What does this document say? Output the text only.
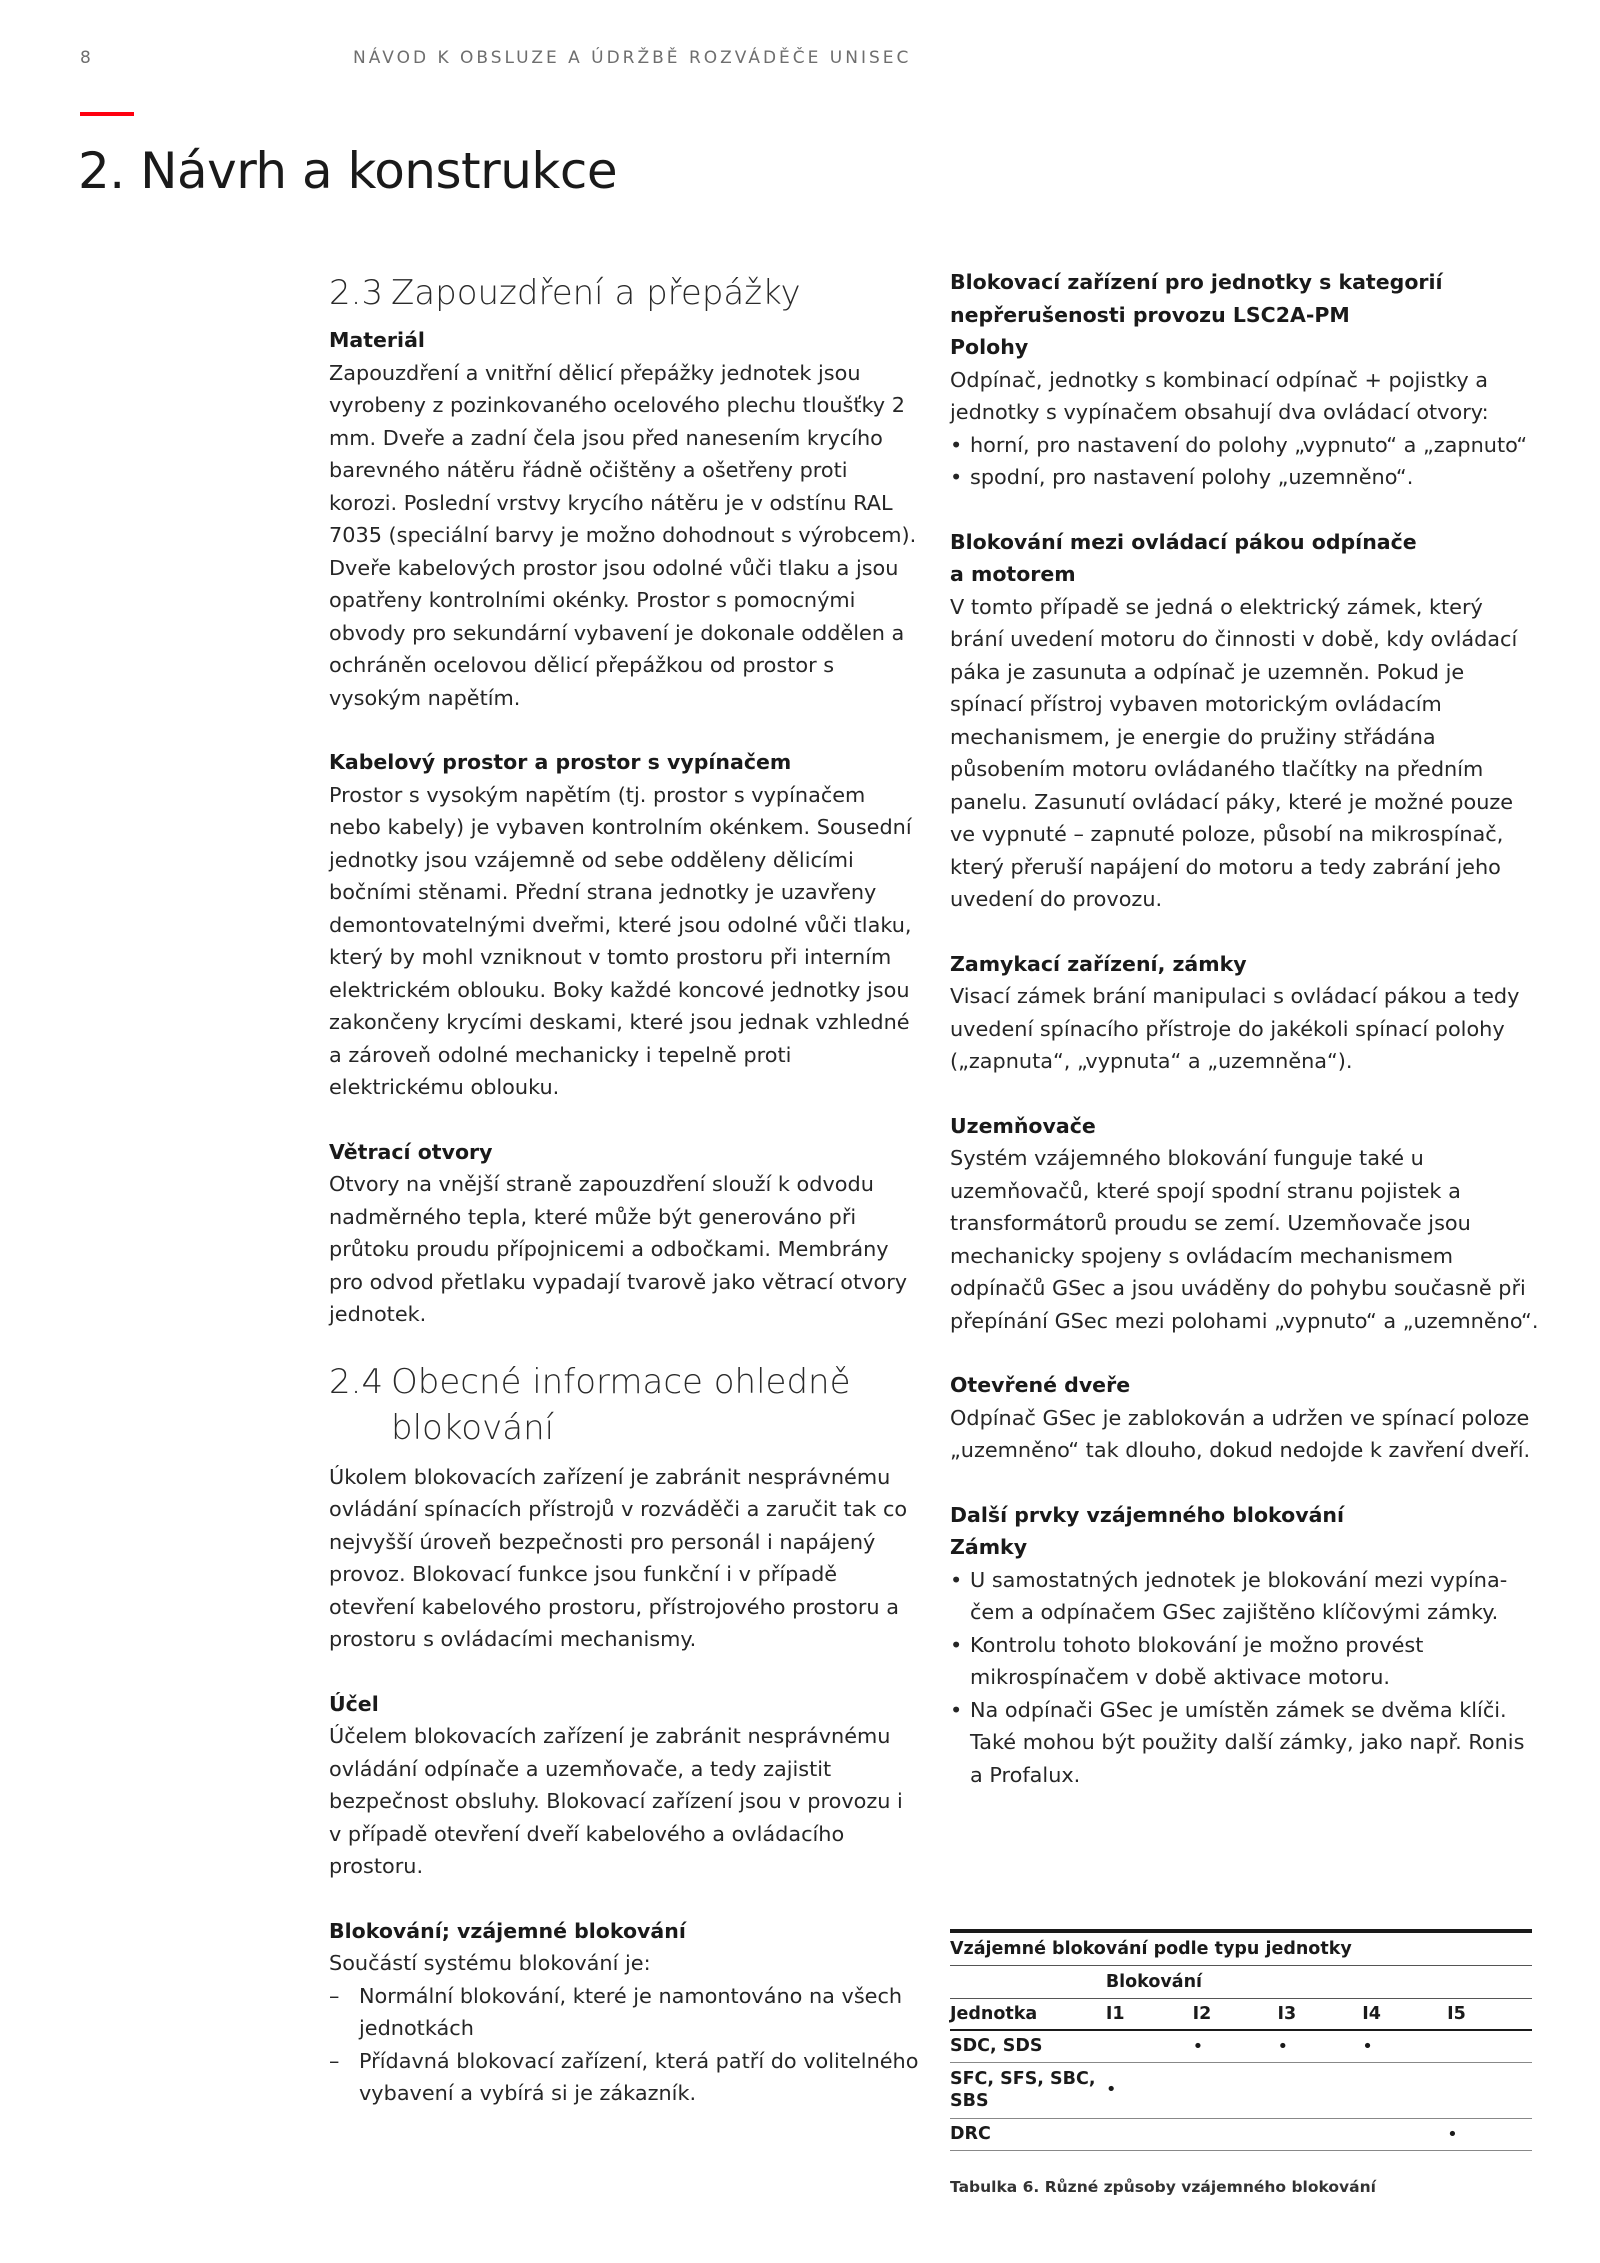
8	NÁVOD K OBSLUZE A ÚDRŽBĚ ROZVÁDĚČE UNISEC
2. Návrh a konstrukce
2.3 Zapouzdření a přepážky
Materiál

Zapouzdření a vnitřní dělicí přepážky jednotek jsou vyrobeny z pozinkovaného ocelového plechu tloušťky 2 mm. Dveře a zadní čela jsou před nanesením krycího barevného nátěru řádně očištěny a ošetřeny proti korozi. Poslední vrstvy krycího nátěru je v odstínu RAL 7035 (speciální barvy je možno dohodnout s výrobcem). Dveře kabelových prostor jsou odolné vůči tlaku a jsou opatřeny kontrolními okénky. Prostor s pomocnými obvody pro sekundární vybavení je dokonale oddělen a ochráněn ocelovou dělicí přepážkou od prostor s vysokým napětím.

Kabelový prostor a prostor s vypínačem

Prostor s vysokým napětím (tj. prostor s vypínačem nebo kabely) je vybaven kontrolním okénkem. Sousední jednotky jsou vzájemně od sebe odděleny dělicími bočními stěnami. Přední strana jednotky je uzavřeny demontovatelnými dveřmi, které jsou odolné vůči tlaku, který by mohl vzniknout v tomto prostoru při interním elektrickém oblouku. Boky každé koncové jednotky jsou zakončeny krycími deskami, které jsou jednak vzhledné a zároveň odolné mechanicky i tepelně proti elektrickému oblouku.

Větrací otvory

Otvory na vnější straně zapouzdření slouží k odvodu nadměrného tepla, které může být generováno při průtoku proudu přípojnicemi a odbočkami. Membrány pro odvod přetlaku vypadají tvarově jako větrací otvory jednotek.

2.4 Obecné informace ohledně blokování

Úkolem blokovacích zařízení je zabránit nesprávnému ovládání spínacích přístrojů v rozváděči a zaručit tak co nejvyšší úroveň bezpečnosti pro personál i napájený provoz. Blokovací funkce jsou funkční i v případě otevření kabelového prostoru, přístrojového prostoru a prostoru s ovládacími mechanismy.

Účel

Účelem blokovacích zařízení je zabránit nesprávnému ovládání odpínače a uzemňovače, a tedy zajistit bezpečnost obsluhy. Blokovací zařízení jsou v provozu i v případě otevření dveří kabelového a ovládacího prostoru.

Blokování; vzájemné blokování

Součástí systému blokování je:

– Normální blokování, které je namontováno na všech jednotkách
– Přídavná blokovací zařízení, která patří do volitelného vybavení a vybírá si je zákazník.
Blokovací zařízení pro jednotky s kategorií
nepřerušenosti provozu LSC2A-PM
Polohy

Odpínač, jednotky s kombinací odpínač + pojistky a jednotky s vypínačem obsahují dva ovládací otvory:

• horní, pro nastavení do polohy „vypnuto“ a „zapnuto“
• spodní, pro nastavení polohy „uzemněno“.
Blokování mezi ovládací pákou odpínače
a motorem

V tomto případě se jedná o elektrický zámek, který brání uvedení motoru do činnosti v době, kdy ovládací páka je zasunuta a odpínač je uzemněn. Pokud je spínací přístroj vybaven motorickým ovládacím mechanismem, je energie do pružiny střádána působením motoru ovládaného tlačítky na předním panelu. Zasunutí ovládací páky, které je možné pouze ve vypnuté – zapnuté poloze, působí na mikrospínač, který přeruší napájení do motoru a tedy zabrání jeho uvedení do provozu.

Zamykací zařízení, zámky

Visací zámek brání manipulaci s ovládací pákou a tedy uvedení spínacího přístroje do jakékoli spínací polohy („zapnuta“, „vypnuta“ a „uzemněna“).

Uzemňovače

Systém vzájemného blokování funguje také u uzemňovačů, které spojí spodní stranu pojistek a transformátorů proudu se zemí. Uzemňovače jsou mechanicky spojeny s ovládacím mechanismem odpínačů GSec a jsou uváděny do pohybu současně při přepínání GSec mezi polohami „vypnuto“ a „uzemněno“.

Otevřené dveře

Odpínač GSec je zablokován a udržen ve spínací poloze „uzemněno“ tak dlouho, dokud nedojde k zavření dveří.

Další prvky vzájemného blokování
Zámky
• U samostatných jednotek je blokování mezi vypínačem a odpínačem GSec zajištěno klíčovými zámky.
• Kontrolu tohoto blokování je možno provést mikrospínačem v době aktivace motoru.
• Na odpínači GSec je umístěn zámek se dvěma klíči. Také mohou být použity další zámky, jako např. Ronis a Profalux.
Vzájemné blokování podle typu jednotky
	Blokování				
Jednotka	I1	I2	I3	I4	I5
SDC, SDS		•	•	•	
SFC, SFS, SBC, SBS	•				
DRC					•
Tabulka 6. Různé způsoby vzájemného blokování
